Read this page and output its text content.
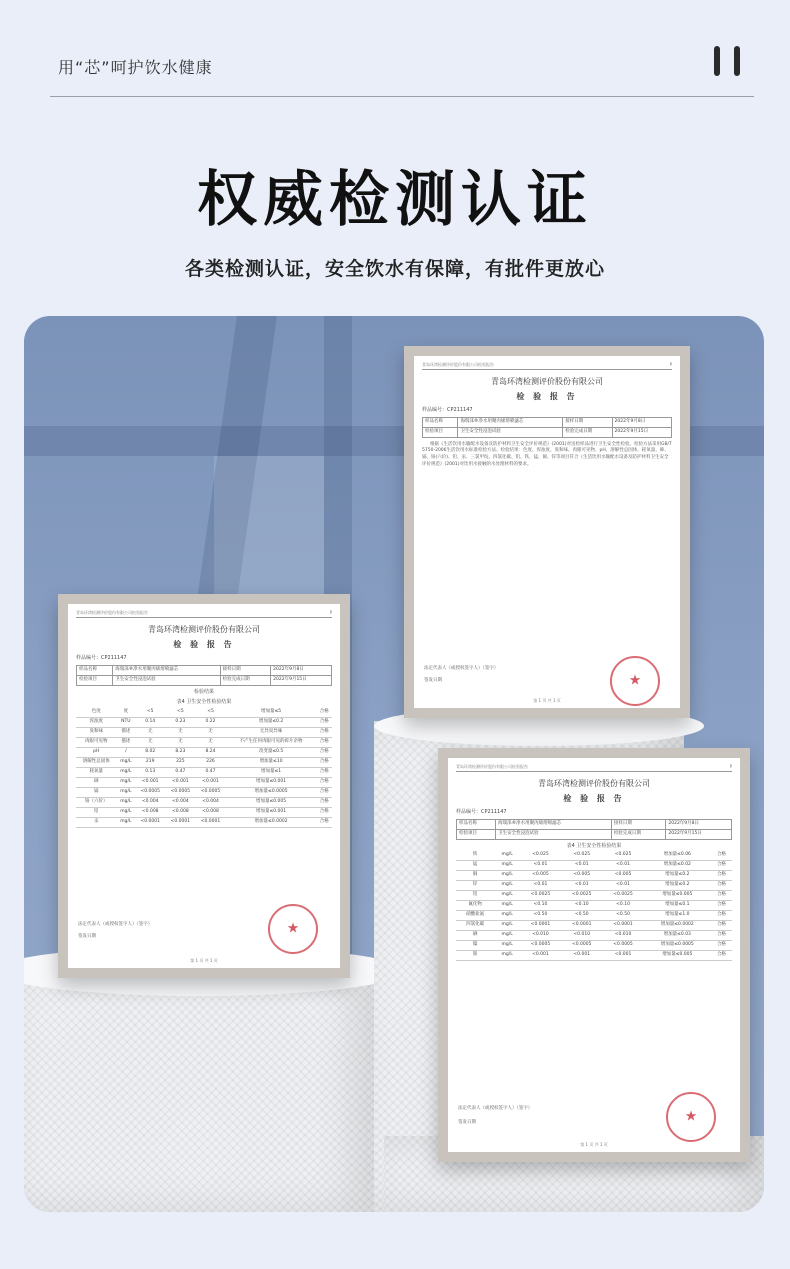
用“芯”呵护饮水健康
权威检测认证
各类检测认证，安全饮水有保障，有批件更放心
青岛环湾检测评价股份有限公司检验报告	P
青岛环湾检测评价股份有限公司
检 验 报 告
样品编号：CP211147
样品名称	海瑞涞®净水用聚丙烯熔喷滤芯	接样日期	2022年9月8日
检验项目	卫生安全性浸泡试验	检验完成日期	2022年9月15日
检验结果
表4 卫生安全性检验结果
色度	度	<5	<5	<5	增加量≤5	合格
浑浊度	NTU	0.14	0.23	0.22	增加量≤0.2	合格
臭和味	描述	无	无	无	无异臭异味	合格
肉眼可见物	描述	无	无	无	不产生任何肉眼可见的碎片杂物	合格
pH	/	8.02	8.23	8.24	改变量≤0.5	合格
溶解性总固体	mg/L	219	225	226	增加量≤10	合格
耗氧量	mg/L	0.13	0.47	0.47	增加量≤1	合格
砷	mg/L	<0.001	<0.001	<0.001	增加量≤0.001	合格
镉	mg/L	<0.0005	<0.0005	<0.0005	增加量≤0.0005	合格
铬（六价）	mg/L	<0.004	<0.004	<0.004	增加量≤0.005	合格
铅	mg/L	<0.008	<0.008	<0.008	增加量≤0.001	合格
汞	mg/L	<0.0001	<0.0001	<0.0001	增加量≤0.0002	合格
法定代表人（或授权签字人）（签字）
签发日期
★
第 1 页 共 1 页
青岛环湾检测评价股份有限公司检验报告	P
青岛环湾检测评价股份有限公司
检 验 报 告
样品编号：CP211147
样品名称	海瑞涞®净水用聚丙烯熔喷滤芯	接样日期	2022年9月8日
检验项目	卫生安全性浸泡试验	检验完成日期	2022年9月15日
根据《生活饮用水输配水设备及防护材料卫生安全评价规范》(2001)对送检样品进行卫生安全性检验。检验方法采用GB/T 5750-2006生活饮用水标准检验方法。检验结果：色度、浑浊度、臭和味、肉眼可见物、pH、溶解性总固体、耗氧量、砷、镉、铬(六价)、铅、汞、三氯甲烷、四氯化碳、铝、铁、锰、铜、锌等项目符合《生活饮用水输配水设备及防护材料卫生安全评价规范》(2001)对饮用水接触的水处理材料的要求。
法定代表人（或授权签字人）（签字）
签发日期
★
第 1 页 共 1 页
青岛环湾检测评价股份有限公司检验报告	P
青岛环湾检测评价股份有限公司
检 验 报 告
样品编号：CP211147
样品名称	海瑞涞®净水用聚丙烯熔喷滤芯	接样日期	2022年9月8日
检验项目	卫生安全性浸泡试验	检验完成日期	2022年9月15日
表4 卫生安全性检验结果
铁	mg/L	<0.025	<0.025	<0.025	增加量≤0.06	合格
锰	mg/L	<0.01	<0.01	<0.01	增加量≤0.02	合格
铜	mg/L	<0.005	<0.005	<0.005	增加量≤0.2	合格
锌	mg/L	<0.01	<0.01	<0.01	增加量≤0.2	合格
铝	mg/L	<0.0025	<0.0025	<0.0025	增加量≤0.005	合格
氟化物	mg/L	<0.10	<0.10	<0.10	增加量≤0.1	合格
硝酸盐氮	mg/L	<0.50	<0.50	<0.50	增加量≤1.0	合格
四氯化碳	mg/L	<0.0001	<0.0001	<0.0001	增加量≤0.0002	合格
硒	mg/L	<0.010	<0.010	<0.010	增加量≤0.03	合格
镍	mg/L	<0.0005	<0.0005	<0.0005	增加量≤0.0005	合格
银	mg/L	<0.001	<0.001	<0.001	增加量≤0.005	合格
法定代表人（或授权签字人）（签字）
签发日期
★
第 1 页 共 1 页
